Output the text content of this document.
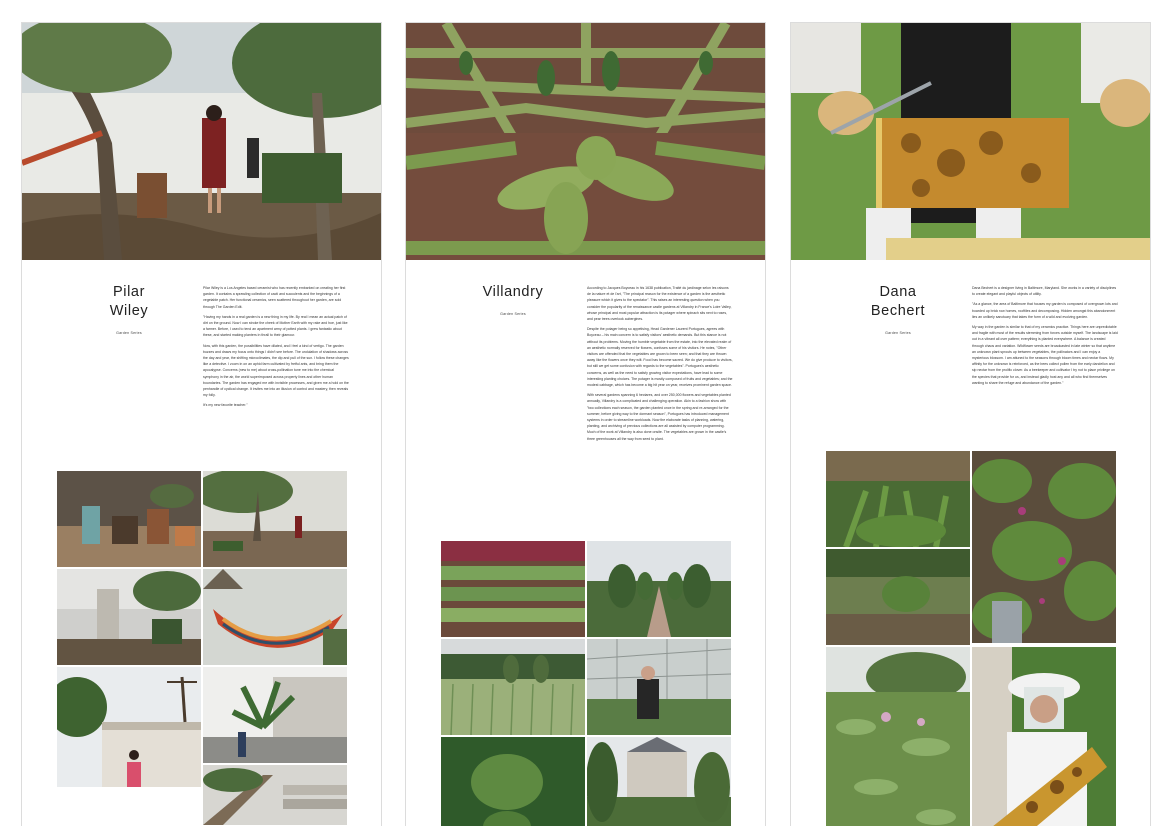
Pilar
Wiley
Garden Series

Pilar Wiley is a Los Angeles based ceramist who has recently embarked on creating her first garden. It contains a sprawling collection of cacti and succulents and the beginnings of a vegetable patch. Her functional ceramics, seen scattered throughout her garden, are sold through The Garden Edit.

"Having my hands in a real garden is a new thing in my life. By real I mean an actual patch of dirt on the ground. Now I can stroke the cheek of Mother Earth with my rake and hoe, just like a farmer. Before, I used to tend an apartment army of potted plants. I grew fantastic about these, and started making planters in thrall to their glamour.

Now, with this garden, the possibilities have dilated, and I feel a kind of vertigo. The garden buzzes and draws my focus onto things I didn't see before. The undulation of shadows across the day and year, the shifting microclimates, the dip and pull of the sun. I follow these changes like a detective. I zoom in on an aphid farm cultivated by fretful ants, and bring them the apocalypse. Concerns (new to me) about cross-pollination tune me into the chemical symphony in the air, the world superimposed across property lines and other human boundaries. The garden has engaged me with invisible processes, and given me a hold on the penhandle of cyclical change. It invites me into an illusion of control and mastery, then reveals my folly.

It's my new favorite teacher."

Villandry
Garden Series

According to Jacques Boyceau in his 1638 publication, Traité du jardinage selon les raisons de la nature et de l'art, "The principal reason for the existence of a garden is the aesthetic pleasure which it gives to the spectator". This raises an interesting question when you consider the popularity of the renaissance castle gardens at Villandry in France's Loire Valley, whose principal and most popular attraction is its potager where spinach sits next to roses, and pear trees overlook aubergines.

Despite the potager being so appetising, Head Gardener Laurent Portugues, agrees with Boyceau – his main concern is to satisfy visitors' aesthetic demands. But this stance is not without its problems. Moving the humble vegetable from the estate, into the elevated realm of an aesthetic normally reserved for flowers, confuses some of his visitors. He notes, "Other visitors are offended that the vegetables are grown to been seen; and that they are thrown away like the flowers once they wilt. Food has become sacred. We do give produce to visitors, but still we get some confusion with regards to the vegetables". Portugues's aesthetic concerns, as well as the need to satisfy growing visitor expectations, have lead to some interesting planting choices. The potager is mostly composed of fruits and vegetables; and the modest cabbage, which has become a big hit year on year, receives prominent garden space.

With several gardens spanning 6 hectares, and over 250,000 flowers and vegetables planted annually, Villandry is a complicated and challenging operation. Akin to a fashion show with "two collections each season, the garden planted once in the spring and re-arranged for the summer, before giving way to the dormant season", Portugues has introduced management systems in order to streamline workloads. Now the elaborate tasks of planning, watering, planting, and archiving of previous collections are all assisted by computer programming. Much of the work at Villandry is also done onsite. The vegetables are grown in the castle's three greenhouses all the way from seed to plant.

Dana
Bechert
Garden Series

Dana Bechert is a designer living in Baltimore, Maryland. She works in a variety of disciplines to create elegant and playful objects of utility.

"As a glance, the area of Baltimore that houses my garden is composed of overgrown lots and boarded up brick row homes, rooftiles and decomposing. Hidden amongst this abandonment lies an unlikely sanctuary that takes the form of a wild and evolving garden.

My way in the garden is similar to that of my ceramics practice. Things here are unpredictable and fragile with most of the results stemming from forces outside myself. The landscape is laid out in a vibrant all over pattern; everything is planted everywhere. A balance is created through chaos and variation. Wildflower seeds are broadcasted in late winter so that anytime an unknown plant sprouts up between vegetables, the pollinators and I can enjoy a mysterious blossom. I am attuned to the seasons through bloom times and nectar flows. My affinity for the unknown is reinforced, as the bees collect pollen from the early dandelion and sip nectar from the prolific clover. As a beekeeper and cultivator I try not to place privilege on the species that provide for us, and instead gladly host any and all who find themselves wanting to share the refuge and abundance of the garden."
